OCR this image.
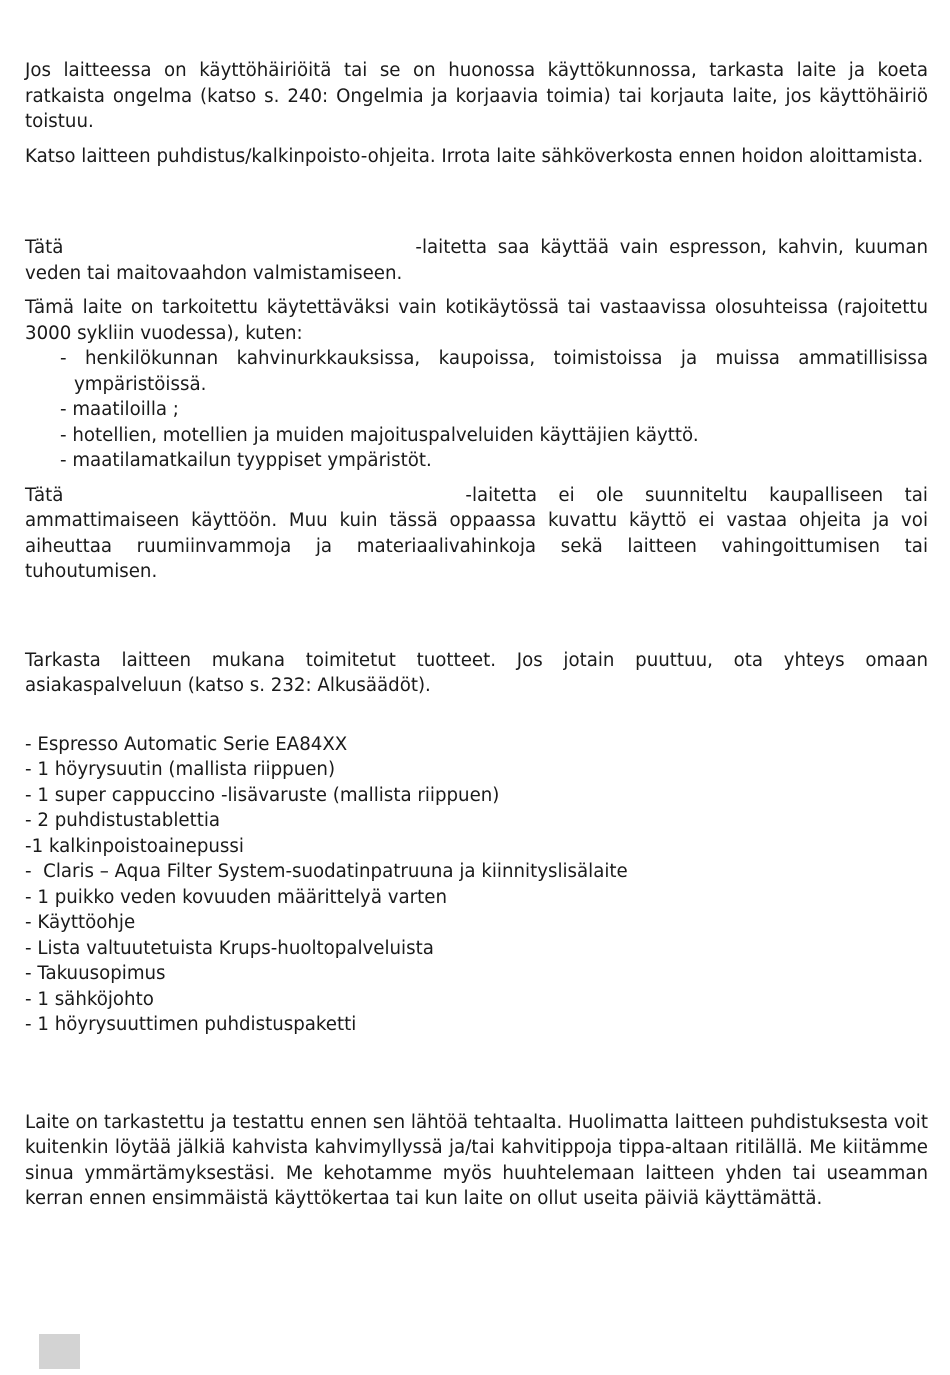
Jos laitteessa on käyttöhäiriöitä tai se on huonossa käyttökunnossa, tarkasta laite ja koeta ratkaista ongelma (katso s. 240: Ongelmia ja korjaavia toimia) tai korjauta laite, jos käyttöhäiriö toistuu.

Katso laitteen puhdistus/kalkinpoisto-ohjeita. Irrota laite sähköverkosta ennen hoidon aloittamista.

Tätä	-laitetta saa käyttää vain espresson, kahvin, kuuman veden tai maitovaahdon valmistamiseen.

Tämä laite on tarkoitettu käytettäväksi vain kotikäytössä tai vastaavissa olosuhteissa (rajoitettu 3000 sykliin vuodessa), kuten:

- henkilökunnan kahvinurkkauksissa, kaupoissa, toimistoissa ja muissa ammatillisissa ympäristöissä.
- maatiloilla ;
- hotellien, motellien ja muiden majoituspalveluiden käyttäjien käyttö.
- maatilamatkailun tyyppiset ympäristöt.

Tätä	-laitetta ei ole suunniteltu kaupalliseen tai ammattimaiseen käyttöön. Muu kuin tässä oppaassa kuvattu käyttö ei vastaa ohjeita ja voi aiheuttaa ruumiinvammoja ja materiaalivahinkoja sekä laitteen vahingoittumisen tai tuhoutumisen.

Tarkasta laitteen mukana toimitetut tuotteet. Jos jotain puuttuu, ota yhteys omaan asiakaspalveluun (katso s. 232: Alkusäädöt).

- Espresso Automatic Serie EA84XX
- 1 höyrysuutin (mallista riippuen)
- 1 super cappuccino -lisävaruste (mallista riippuen)
- 2 puhdistustablettia
-1 kalkinpoistoainepussi
-  Claris – Aqua Filter System-suodatinpatruuna ja kiinnityslisälaite
- 1 puikko veden kovuuden määrittelyä varten
- Käyttöohje
- Lista valtuutetuista Krups-huoltopalveluista
- Takuusopimus
- 1 sähköjohto
- 1 höyrysuuttimen puhdistuspaketti

Laite on tarkastettu ja testattu ennen sen lähtöä tehtaalta. Huolimatta laitteen puhdistuksesta voit kuitenkin löytää jälkiä kahvista kahvimyllyssä ja/tai kahvitippoja tippa-altaan ritilällä. Me kiitämme sinua ymmärtämyksestäsi. Me kehotamme myös huuhtelemaan laitteen yhden tai useamman kerran ennen ensimmäistä käyttökertaa tai kun laite on ollut useita päiviä käyttämättä.
